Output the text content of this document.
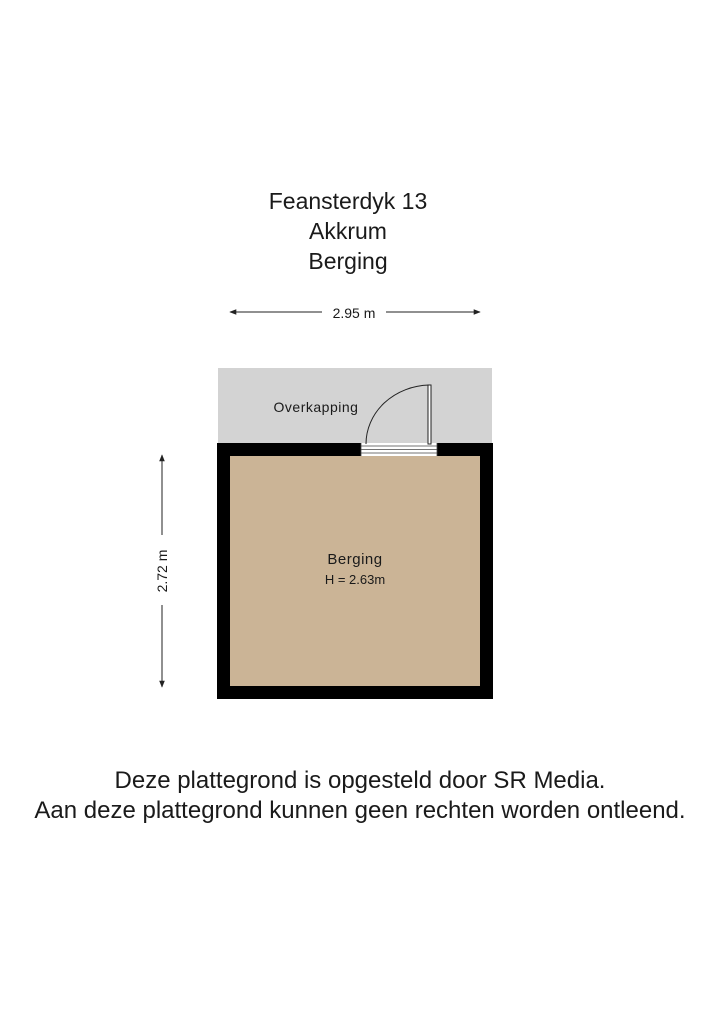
Feansterdyk 13
Akkrum
Berging
2.95 m
2.72 m
Overkapping
Berging
H = 2.63m
Deze plattegrond is opgesteld door SR Media.
Aan deze plattegrond kunnen geen rechten worden ontleend.
